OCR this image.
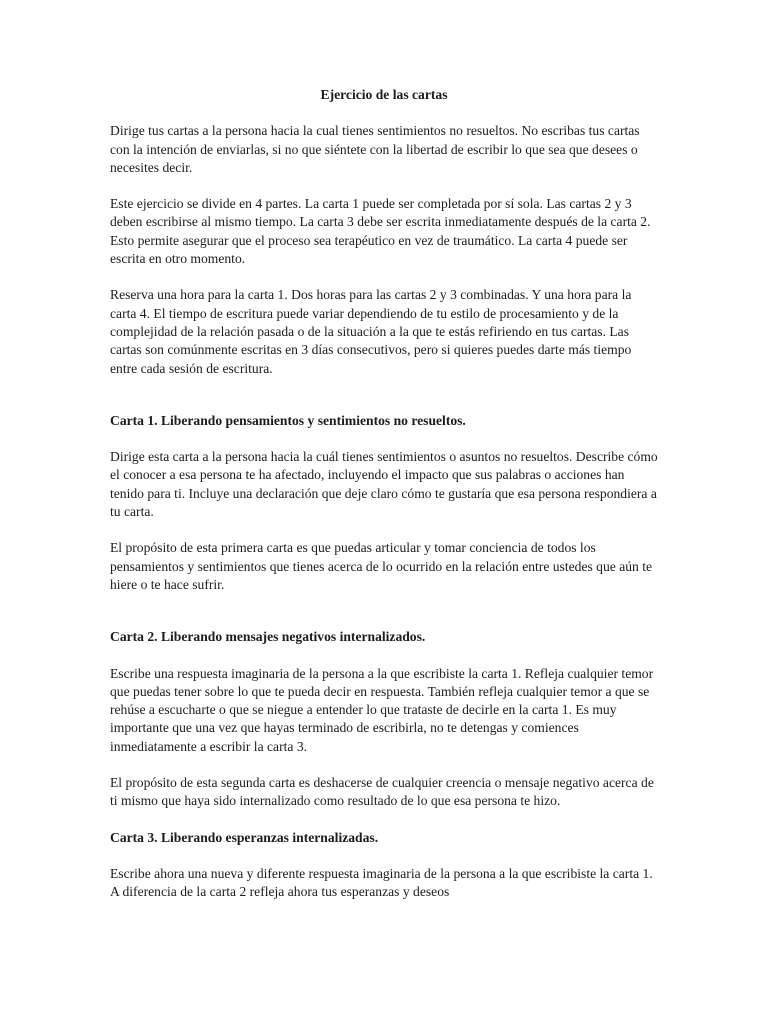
Ejercicio de las cartas

Dirige tus cartas a la persona hacia la cual tienes sentimientos no resueltos. No escribas tus cartas con la intención de enviarlas, si no que siéntete con la libertad de escribir lo que sea que desees o necesites decir.

Este ejercicio se divide en 4 partes. La carta 1 puede ser completada por sí sola. Las cartas 2 y 3 deben escribirse al mismo tiempo. La carta 3 debe ser escrita inmediatamente después de la carta 2. Esto permite asegurar que el proceso sea terapéutico en vez de traumático. La carta 4 puede ser escrita en otro momento.

Reserva una hora para la carta 1. Dos horas para las cartas 2 y 3 combinadas. Y una hora para la carta 4. El tiempo de escritura puede variar dependiendo de tu estilo de procesamiento y de la complejidad de la relación pasada o de la situación a la que te estás refiriendo en tus cartas. Las cartas son comúnmente escritas en 3 días consecutivos, pero si quieres puedes darte más tiempo entre cada sesión de escritura.

Carta 1. Liberando pensamientos y sentimientos no resueltos.

Dirige esta carta a la persona hacia la cuál tienes sentimientos o asuntos no resueltos. Describe cómo el conocer a esa persona te ha afectado, incluyendo el impacto que sus palabras o acciones han tenido para ti. Incluye una declaración que deje claro cómo te gustaría que esa persona respondiera a tu carta.

El propósito de esta primera carta es que puedas articular y tomar conciencia de todos los pensamientos y sentimientos que tienes acerca de lo ocurrido en la relación entre ustedes que aún te hiere o te hace sufrir.

Carta 2. Liberando mensajes negativos internalizados.

Escribe una respuesta imaginaria de la persona a la que escribiste la carta 1. Refleja cualquier temor que puedas tener sobre lo que te pueda decir en respuesta. También refleja cualquier temor a que se rehúse a escucharte o que se niegue a entender lo que trataste de decirle en la carta 1. Es muy importante que una vez que hayas terminado de escribirla, no te detengas y comiences inmediatamente a escribir la carta 3.

El propósito de esta segunda carta es deshacerse de cualquier creencia o mensaje negativo acerca de ti mismo que haya sido internalizado como resultado de lo que esa persona te hizo.

Carta 3. Liberando esperanzas internalizadas.

Escribe ahora una nueva y diferente respuesta imaginaria de la persona a la que escribiste la carta 1. A diferencia de la carta 2 refleja ahora tus esperanzas y deseos
